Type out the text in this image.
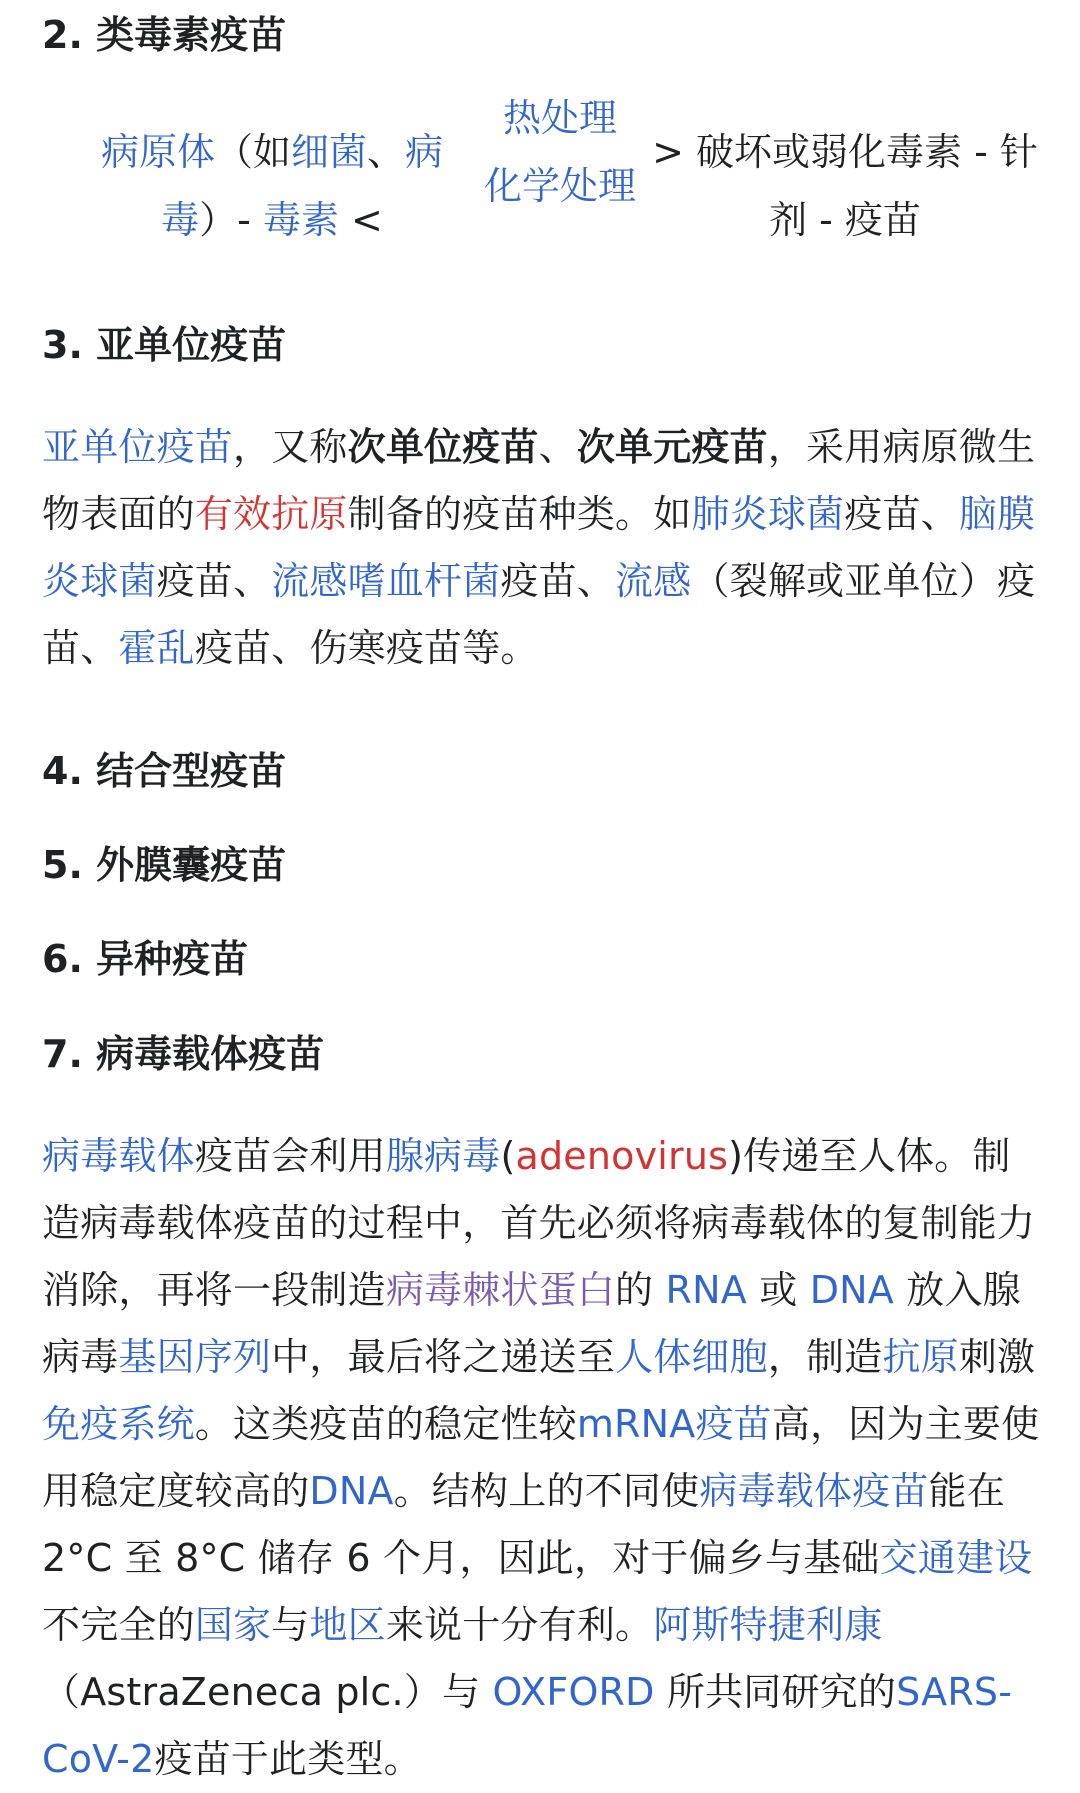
2. 类毒素疫苗
病原体（如细菌、病毒）- 毒素 <
热处理
化学处理
> 破坏或弱化毒素 - 针剂 - 疫苗
3. 亚单位疫苗

亚单位疫苗，又称次单位疫苗、次单元疫苗，采用病原微生物表面的有效抗原制备的疫苗种类。如肺炎球菌疫苗、脑膜炎球菌疫苗、流感嗜血杆菌疫苗、流感（裂解或亚单位）疫苗、霍乱疫苗、伤寒疫苗等。

4. 结合型疫苗
5. 外膜囊疫苗
6. 异种疫苗
7. 病毒载体疫苗

病毒载体疫苗会利用腺病毒(adenovirus)传递至人体。制造病毒载体疫苗的过程中，首先必须将病毒载体的复制能力消除，再将一段制造病毒棘状蛋白的 RNA 或 DNA 放入腺病毒基因序列中，最后将之递送至人体细胞，制造抗原刺激免疫系统。这类疫苗的稳定性较mRNA疫苗高，因为主要使用稳定度较高的DNA。结构上的不同使病毒载体疫苗能在 2°C 至 8°C 储存 6 个月，因此，对于偏乡与基础交通建设不完全的国家与地区来说十分有利。阿斯特捷利康（AstraZeneca plc.）与 OXFORD 所共同研究的SARS-CoV-2疫苗于此类型。
